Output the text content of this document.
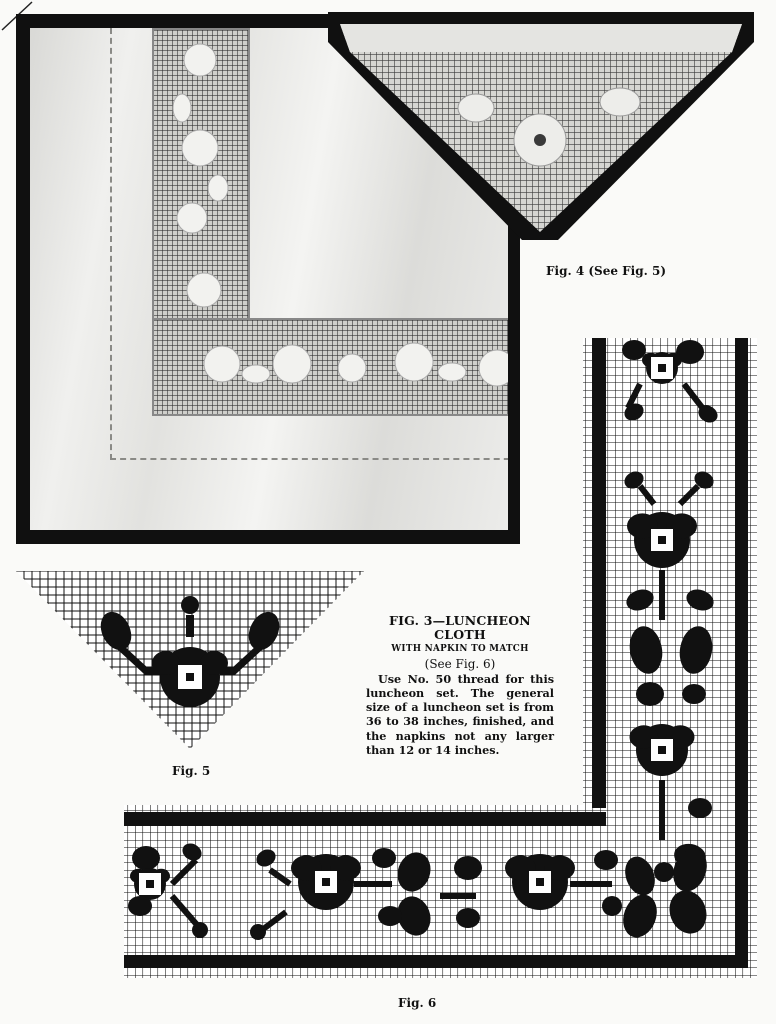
Fig. 4 (See Fig. 5)
Fig. 5
FIG. 3—LUNCHEON CLOTH
WITH NAPKIN TO MATCH
(See Fig. 6)
Use No. 50 thread for this luncheon set. The general size of a luncheon set is from 36 to 38 inches, finished, and the napkins not any larger than 12 or 14 inches.
Fig. 6
